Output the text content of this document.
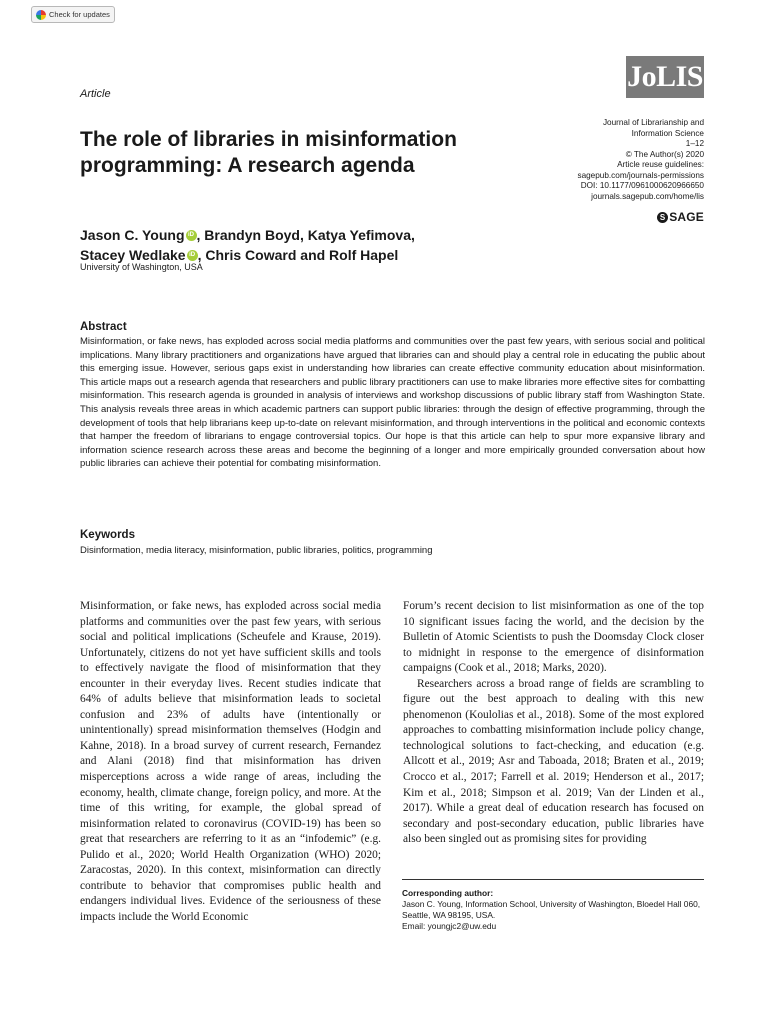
Check for updates
Article
The role of libraries in misinformation programming: A research agenda

Jason C. Young iD , Brandyn Boyd, Katya Yefimova,
Stacey Wedlake iD , Chris Coward and Rolf Hapel

University of Washington, USA
JoLIS
Journal of Librarianship and
Information Science
1–12
© The Author(s) 2020
Article reuse guidelines:
sagepub.com/journals-permissions
DOI: 10.1177/0961000620966650
journals.sagepub.com/home/lis
S SAGE
Abstract

Misinformation, or fake news, has exploded across social media platforms and communities over the past few years, with serious social and political implications. Many library practitioners and organizations have argued that libraries can and should play a central role in educating the public about this emerging issue. However, serious gaps exist in understanding how libraries can create effective community education about misinformation. This article maps out a research agenda that researchers and public library practitioners can use to make libraries more effective sites for combatting misinformation. This research agenda is grounded in analysis of interviews and workshop discussions of public library staff from Washington State. This analysis reveals three areas in which academic partners can support public libraries: through the design of effective programming, through the development of tools that help librarians keep up-to-date on relevant misinformation, and through interventions in the political and economic contexts that hamper the freedom of librarians to engage controversial topics. Our hope is that this article can help to spur more expansive library and information science research across these areas and become the beginning of a longer and more empirically grounded conversation about how public libraries can achieve their potential for combating misinformation.

Keywords
Disinformation, media literacy, misinformation, public libraries, politics, programming

Misinformation, or fake news, has exploded across social media platforms and communities over the past few years, with serious social and political implications (Scheufele and Krause, 2019). Unfortunately, citizens do not yet have sufficient skills and tools to effectively navigate the flood of misinformation that they encounter in their everyday lives. Recent studies indicate that 64% of adults believe that misinformation leads to societal confusion and 23% of adults have (intentionally or unintentionally) spread misinformation themselves (Hodgin and Kahne, 2018). In a broad survey of current research, Fernandez and Alani (2018) find that misinformation has driven misperceptions across a wide range of areas, including the economy, health, climate change, foreign policy, and more. At the time of this writing, for example, the global spread of misinformation related to coronavirus (COVID-19) has been so great that researchers are referring to it as an “infodemic” (e.g. Pulido et al., 2020; World Health Organization (WHO) 2020; Zaracostas, 2020). In this context, misinformation can directly contribute to behavior that compromises public health and endangers individual lives. Evidence of the seriousness of these impacts include the World Economic

Forum’s recent decision to list misinformation as one of the top 10 significant issues facing the world, and the decision by the Bulletin of Atomic Scientists to push the Doomsday Clock closer to midnight in response to the emergence of disinformation campaigns (Cook et al., 2018; Marks, 2020).

Researchers across a broad range of fields are scrambling to figure out the best approach to dealing with this new phenomenon (Koulolias et al., 2018). Some of the most explored approaches to combatting misinformation include policy change, technological solutions to fact-checking, and education (e.g. Allcott et al., 2019; Asr and Taboada, 2018; Braten et al., 2019; Crocco et al., 2017; Farrell et al. 2019; Henderson et al., 2017; Kim et al., 2018; Simpson et al. 2019; Van der Linden et al., 2017). While a great deal of education research has focused on secondary and post-secondary education, public libraries have also been singled out as promising sites for providing

Corresponding author:
Jason C. Young, Information School, University of Washington, Bloedel Hall 060, Seattle, WA 98195, USA.
Email: youngjc2@uw.edu
